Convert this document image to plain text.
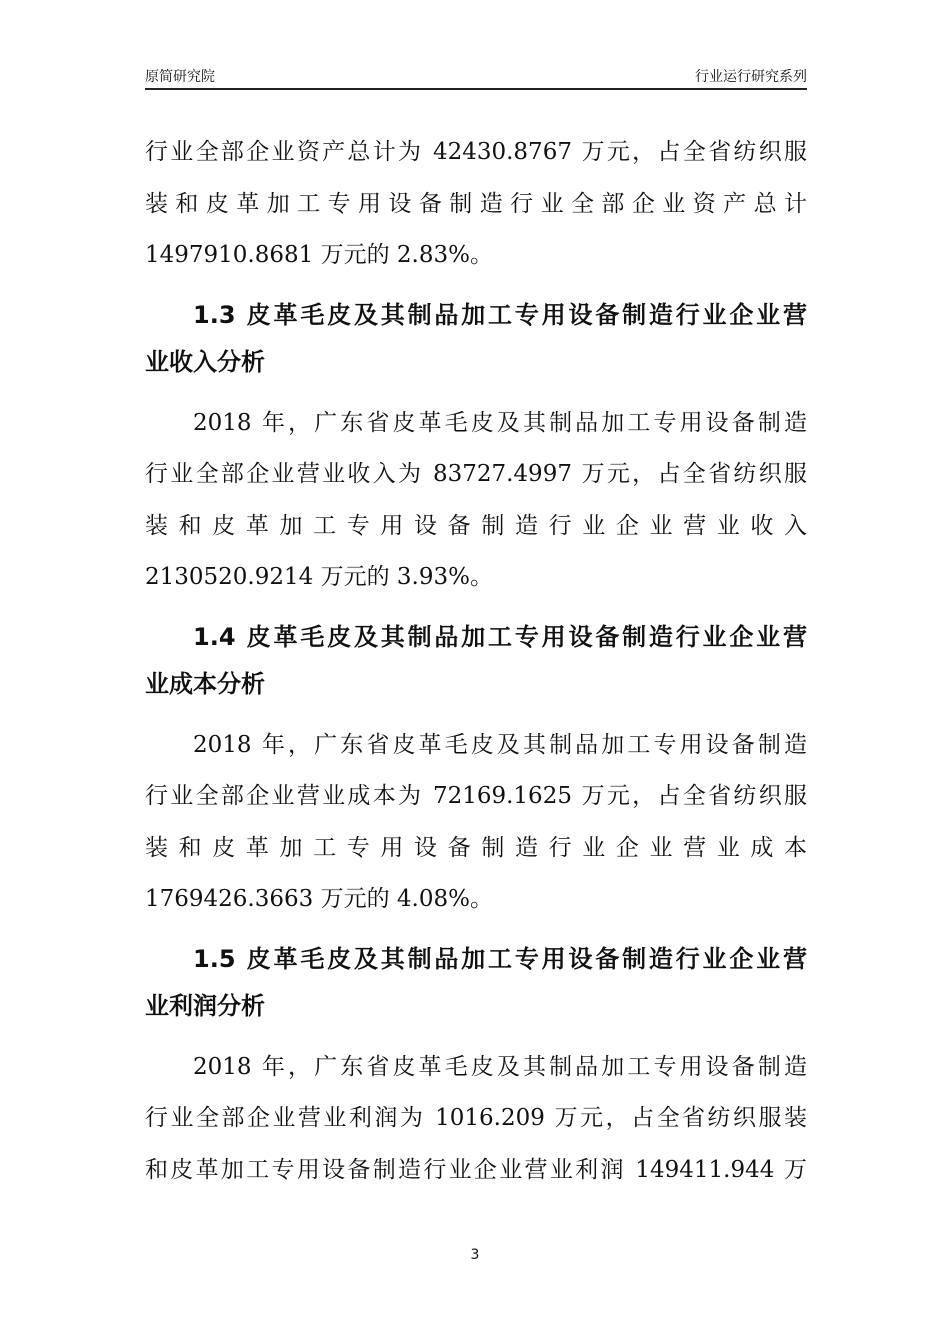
原简研究院	行业运行研究系列
行业全部企业资产总计为 42430.8767 万元，占全省纺织服
装和皮革加工专用设备制造行业全部企业资产总计
1497910.8681 万元的 2.83%。
1.3 皮革毛皮及其制品加工专用设备制造行业企业营
业收入分析
2018 年，广东省皮革毛皮及其制品加工专用设备制造
行业全部企业营业收入为 83727.4997 万元，占全省纺织服
装和皮革加工专用设备制造行业企业营业收入
2130520.9214 万元的 3.93%。
1.4 皮革毛皮及其制品加工专用设备制造行业企业营
业成本分析
2018 年，广东省皮革毛皮及其制品加工专用设备制造
行业全部企业营业成本为 72169.1625 万元，占全省纺织服
装和皮革加工专用设备制造行业企业营业成本
1769426.3663 万元的 4.08%。
1.5 皮革毛皮及其制品加工专用设备制造行业企业营
业利润分析
2018 年，广东省皮革毛皮及其制品加工专用设备制造
行业全部企业营业利润为 1016.209 万元，占全省纺织服装
和皮革加工专用设备制造行业企业营业利润 149411.944 万
3
